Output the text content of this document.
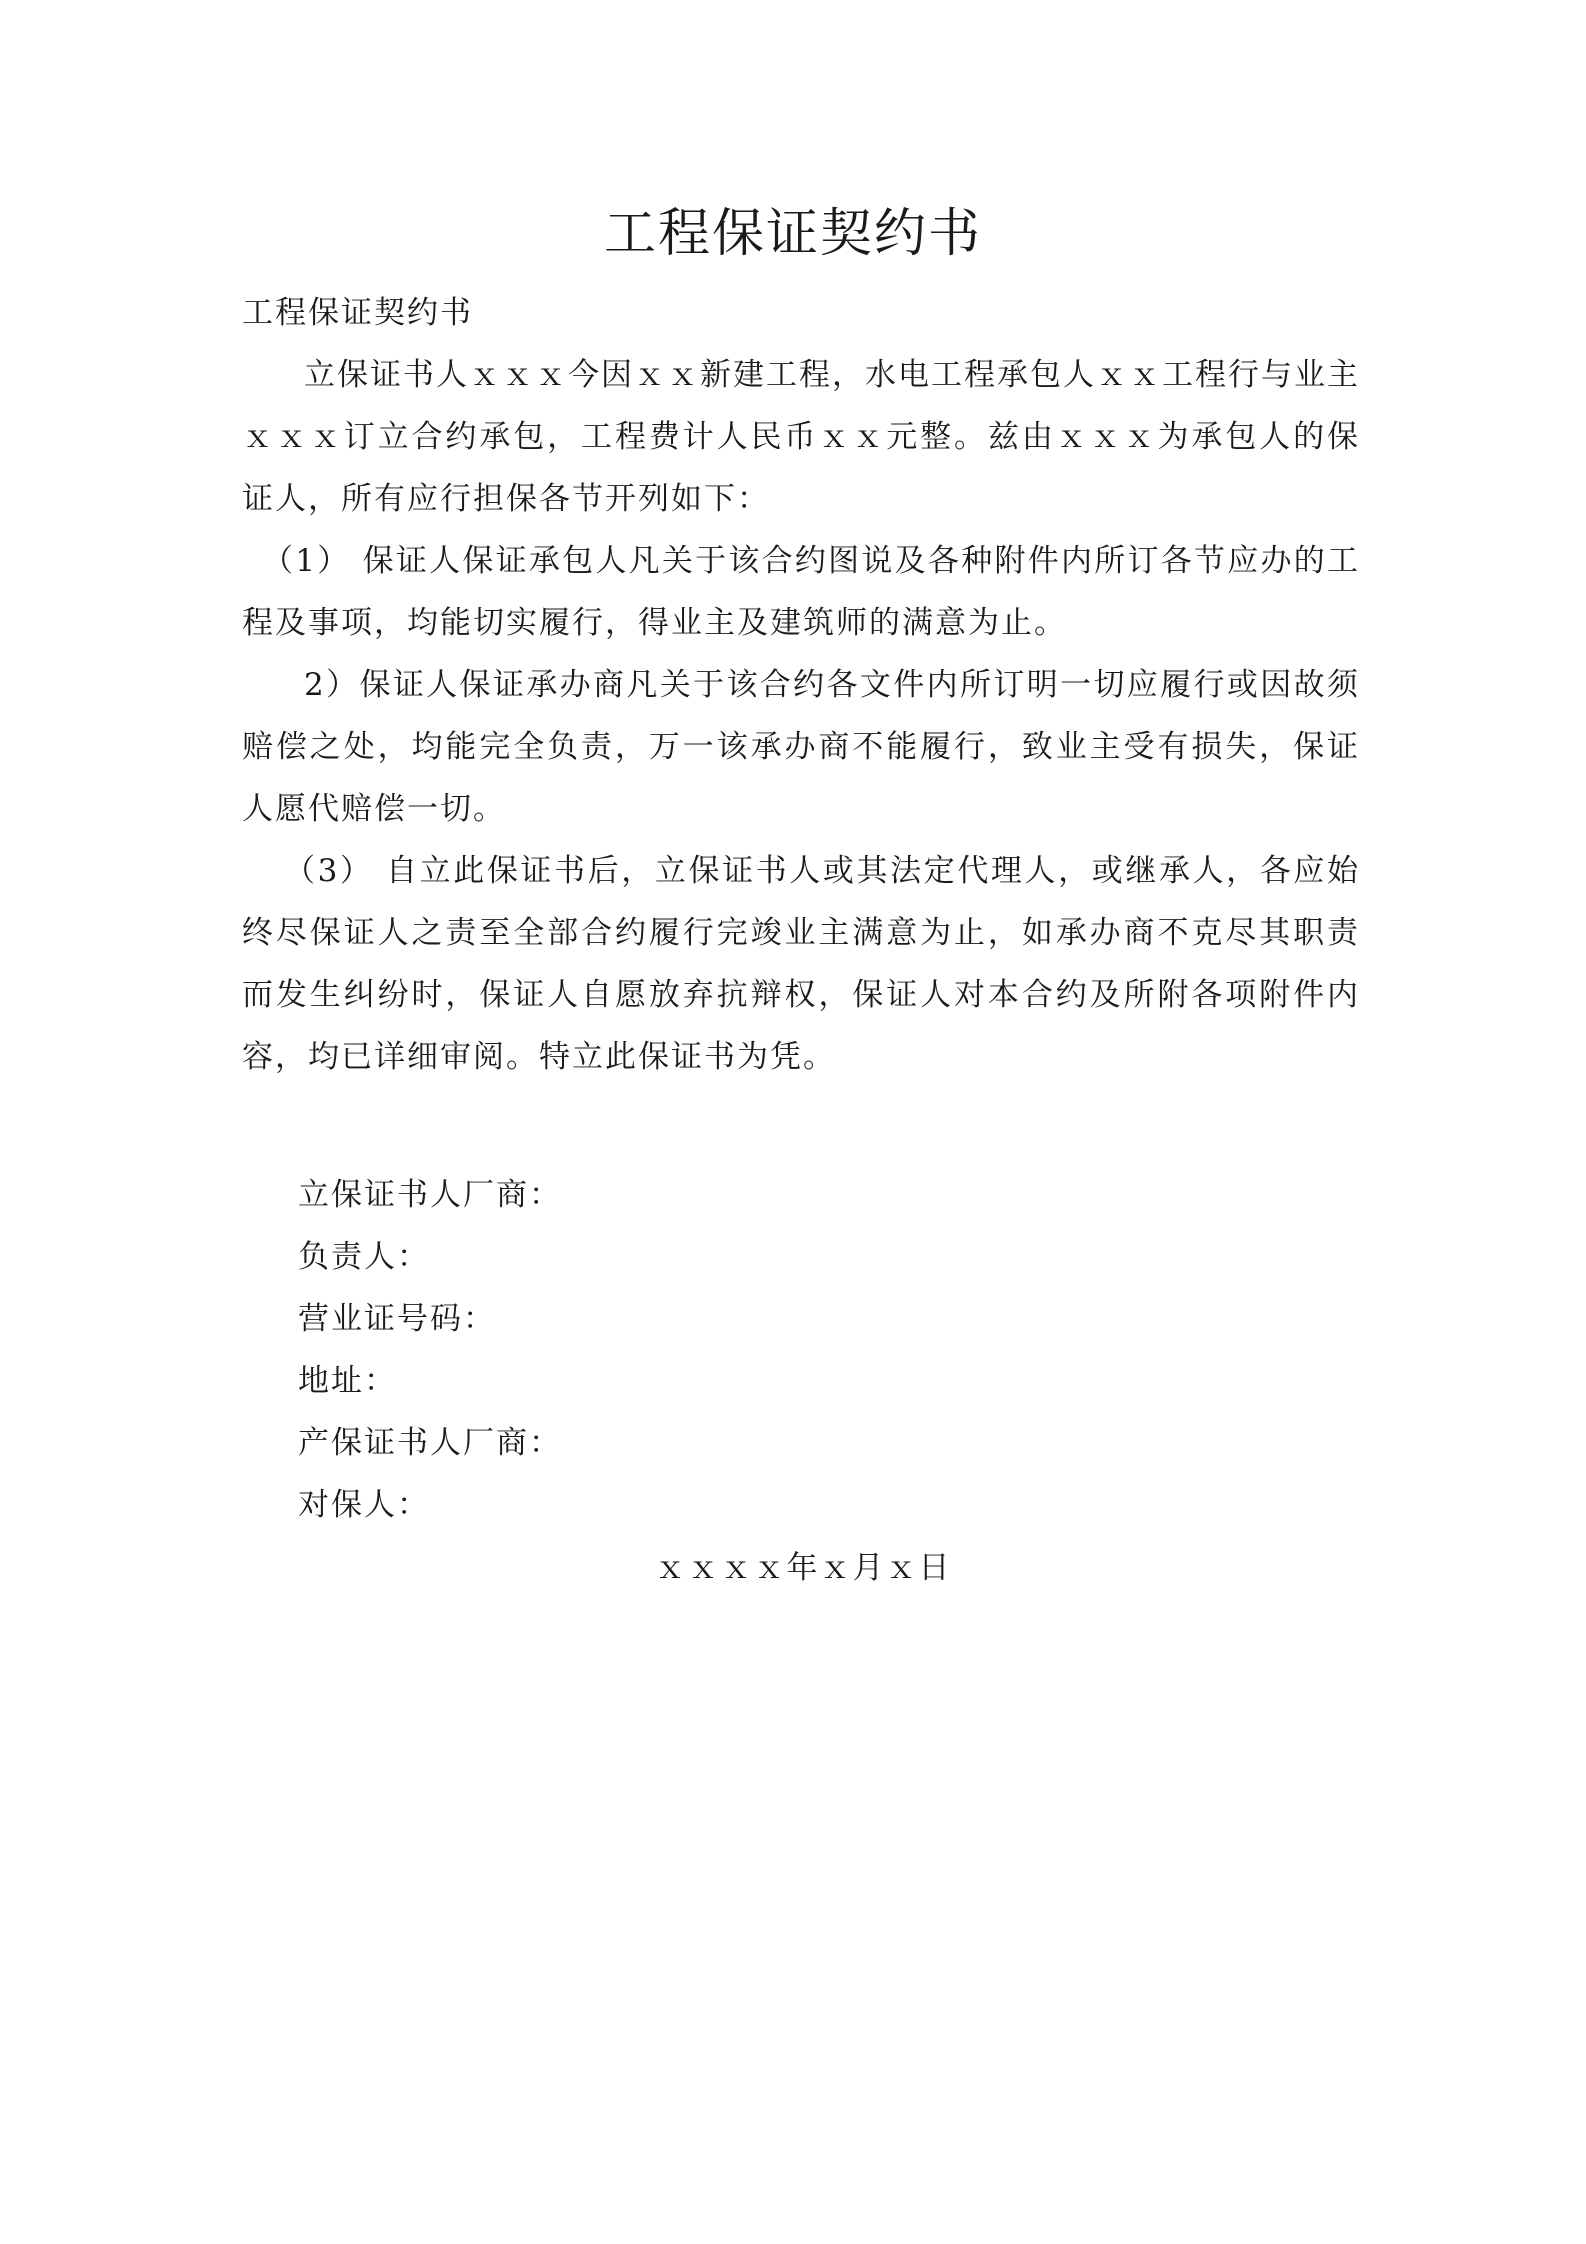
工程保证契约书

工程保证契约书

立保证书人ｘｘｘ今因ｘｘ新建工程，水电工程承包人ｘｘ工程行与业主ｘｘｘ订立合约承包，工程费计人民币ｘｘ元整。兹由ｘｘｘ为承包人的保证人，所有应行担保各节开列如下：

（1） 保证人保证承包人凡关于该合约图说及各种附件内所订各节应办的工程及事项，均能切实履行，得业主及建筑师的满意为止。

2）保证人保证承办商凡关于该合约各文件内所订明一切应履行或因故须赔偿之处，均能完全负责，万一该承办商不能履行，致业主受有损失，保证人愿代赔偿一切。

（3） 自立此保证书后，立保证书人或其法定代理人，或继承人，各应始终尽保证人之责至全部合约履行完竣业主满意为止，如承办商不克尽其职责而发生纠纷时，保证人自愿放弃抗辩权，保证人对本合约及所附各项附件内容，均已详细审阅。特立此保证书为凭。

立保证书人厂商：

负责人：

营业证号码：

地址：

产保证书人厂商：

对保人：

ｘｘｘｘ年ｘ月ｘ日
